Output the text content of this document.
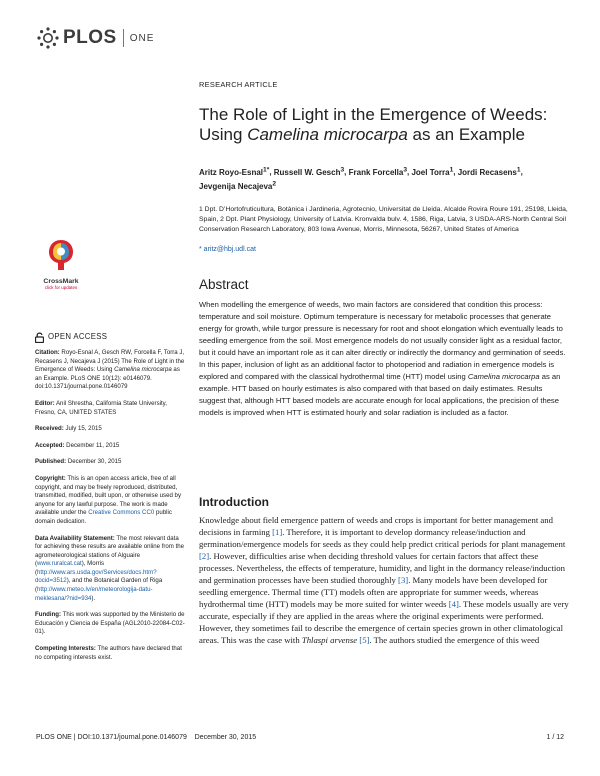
PLOS ONE
CrossMark
click for updates
OPEN ACCESS

Citation: Royo-Esnal A, Gesch RW, Forcella F, Torra J, Recasens J, Necajeva J (2015) The Role of Light in the Emergence of Weeds: Using Camelina microcarpa as an Example. PLoS ONE 10(12): e0146079. doi:10.1371/journal.pone.0146079

Editor: Anil Shrestha, California State University, Fresno, CA, UNITED STATES

Received: July 15, 2015

Accepted: December 11, 2015

Published: December 30, 2015

Copyright: This is an open access article, free of all copyright, and may be freely reproduced, distributed, transmitted, modified, built upon, or otherwise used by anyone for any lawful purpose. The work is made available under the Creative Commons CC0 public domain dedication.

Data Availability Statement: The most relevant data for achieving these results are available online from the agrometeorological stations of Alguaire (www.ruralcat.cat), Morris (http://www.ars.usda.gov/Services/docs.htm?docid=3512), and the Botanical Garden of Riga (http://www.meteo.lv/en/meteorologija-datu-meklesana/?nid=934).

Funding: This work was supported by the Ministerio de Educación y Ciencia de España (AGL2010-22084-C02-01).

Competing Interests: The authors have declared that no competing interests exist.

RESEARCH ARTICLE
The Role of Light in the Emergence of Weeds:
Using Camelina microcarpa as an Example
Aritz Royo-Esnal$^{1*}$, Russell W. Gesch$^3$, Frank Forcella$^3$, Joel Torra$^1$, Jordi Recasens$^1$,
Jevgenija Necajeva$^2$
1 Dpt. D’Hortofruticultura, Botànica i Jardineria, Agrotecnio, Universitat de Lleida. Alcalde Rovira Roure 191, 25198, Lleida, Spain, 2 Dpt. Plant Physiology, University of Latvia. Kronvalda bulv. 4, 1586, Riga, Latvia, 3 USDA-ARS-North Central Soil Conservation Research Laboratory, 803 Iowa Avenue, Morris, Minnesota, 56267, United States of America
* aritz@hbj.udl.cat
Abstract
When modelling the emergence of weeds, two main factors are considered that condition this process: temperature and soil moisture. Optimum temperature is necessary for metabolic processes that generate energy for growth, while turgor pressure is necessary for root and shoot elongation which eventually leads to seedling emergence from the soil. Most emergence models do not usually consider light as a residual factor, but it could have an important role as it can alter directly or indirectly the dormancy and germination of seeds. In this paper, inclusion of light as an additional factor to photoperiod and radiation in emergence models is explored and compared with the classical hydrothermal time (HTT) model using Camelina microcarpa as an example. HTT based on hourly estimates is also compared with that based on daily estimates. Results suggest that, although HTT based models are accurate enough for local applications, the precision of these models is improved when HTT is estimated hourly and solar radiation is included as a factor.
Introduction
Knowledge about field emergence pattern of weeds and crops is important for better management and decisions in farming [1]. Therefore, it is important to develop dormancy release/induction and germination/emergence models for seeds as they could help predict critical periods for plant management [2]. However, difficulties arise when deciding threshold values for certain factors that affect these processes. Nevertheless, the effects of temperature, humidity, and light in the dormancy release/induction and germination processes have been studied thoroughly [3]. Many models have been developed for seedling emergence. Thermal time (TT) models often are appropriate for summer weeds, whereas hydrothermal time (HTT) models may be more suited for winter weeds [4]. These models usually are very accurate, especially if they are applied in the areas where the original experiments were performed. However, they sometimes fail to describe the emergence of certain species grown in other climatological areas. This was the case with Thlaspi arvense [5]. The authors studied the emergence of this weed
PLOS ONE | DOI:10.1371/journal.pone.0146079    December 30, 2015	1 / 12
